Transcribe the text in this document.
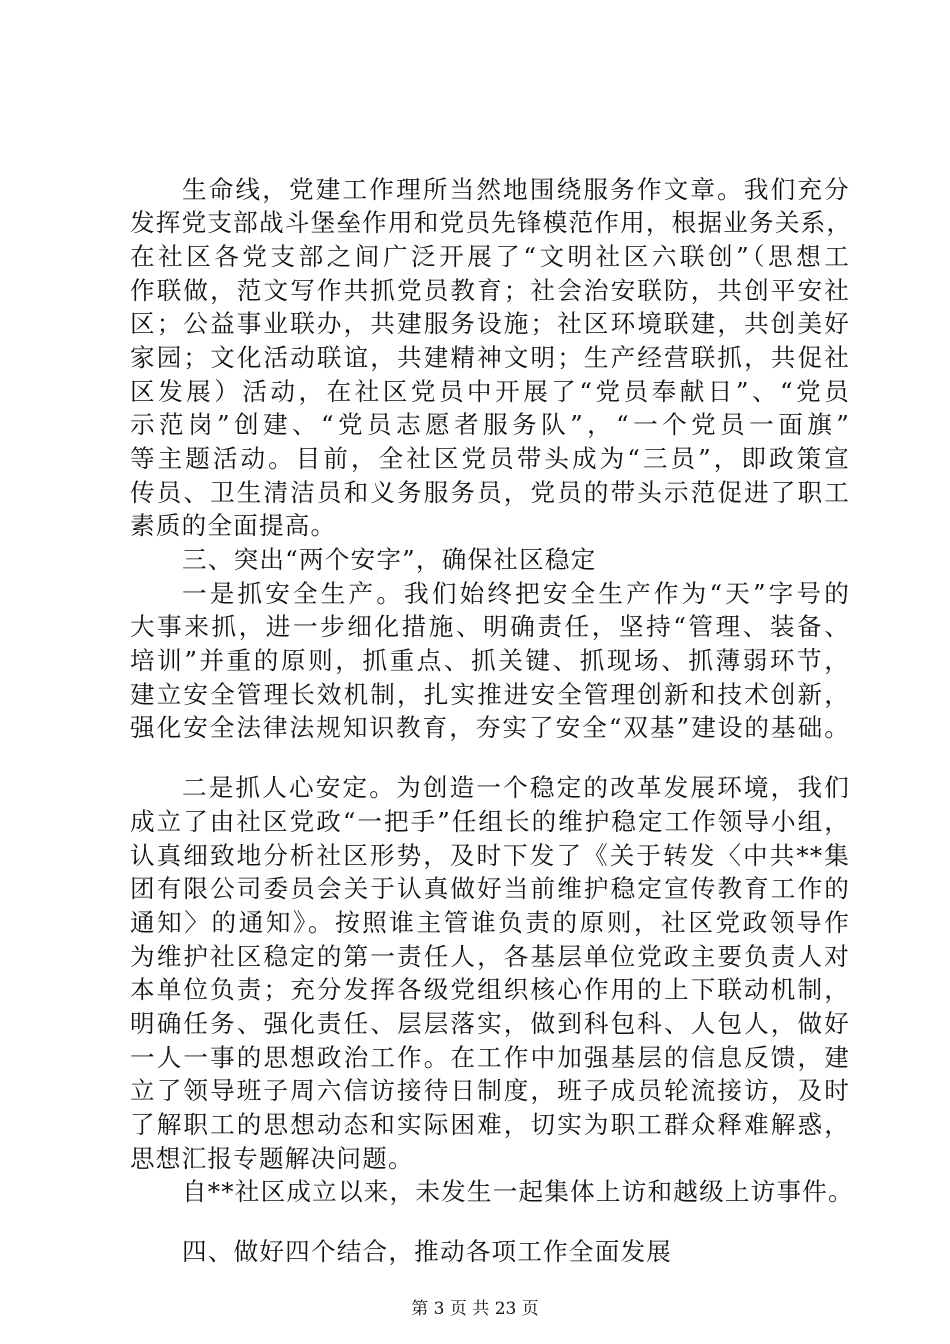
生命线，党建工作理所当然地围绕服务作文章。我们充分
发挥党支部战斗堡垒作用和党员先锋模范作用，根据业务关系，
在社区各党支部之间广泛开展了“文明社区六联创”（思想工
作联做，范文写作共抓党员教育；社会治安联防，共创平安社
区；公益事业联办，共建服务设施；社区环境联建，共创美好
家园；文化活动联谊，共建精神文明；生产经营联抓，共促社
区发展）活动，在社区党员中开展了“党员奉献日”、“党员
示范岗”创建、“党员志愿者服务队”，“一个党员一面旗”
等主题活动。目前，全社区党员带头成为“三员”，即政策宣
传员、卫生清洁员和义务服务员，党员的带头示范促进了职工
素质的全面提高。
三、突出“两个安字”，确保社区稳定
一是抓安全生产。我们始终把安全生产作为“天”字号的
大事来抓，进一步细化措施、明确责任，坚持“管理、装备、
培训”并重的原则，抓重点、抓关键、抓现场、抓薄弱环节，
建立安全管理长效机制，扎实推进安全管理创新和技术创新，
强化安全法律法规知识教育，夯实了安全“双基”建设的基础。
二是抓人心安定。为创造一个稳定的改革发展环境，我们
成立了由社区党政“一把手”任组长的维护稳定工作领导小组，
认真细致地分析社区形势，及时下发了《关于转发〈中共**集
团有限公司委员会关于认真做好当前维护稳定宣传教育工作的
通知〉的通知》。按照谁主管谁负责的原则，社区党政领导作
为维护社区稳定的第一责任人，各基层单位党政主要负责人对
本单位负责；充分发挥各级党组织核心作用的上下联动机制，
明确任务、强化责任、层层落实，做到科包科、人包人，做好
一人一事的思想政治工作。在工作中加强基层的信息反馈，建
立了领导班子周六信访接待日制度，班子成员轮流接访，及时
了解职工的思想动态和实际困难，切实为职工群众释难解惑，
思想汇报专题解决问题。
自**社区成立以来，未发生一起集体上访和越级上访事件。
四、做好四个结合，推动各项工作全面发展
第 3 页 共 23 页
